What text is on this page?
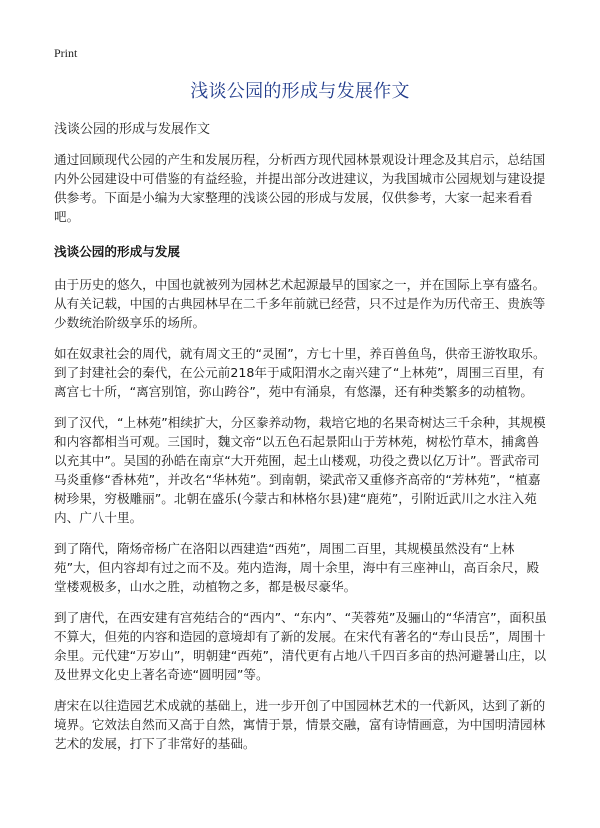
Print
浅谈公园的形成与发展作文
浅谈公园的形成与发展作文

通过回顾现代公园的产生和发展历程，分析西方现代园林景观设计理念及其启示，总结国内外公园建设中可借鉴的有益经验，并提出部分改进建议，为我国城市公园规划与建设提供参考。下面是小编为大家整理的浅谈公园的形成与发展，仅供参考，大家一起来看看吧。

浅谈公园的形成与发展

由于历史的悠久，中国也就被列为园林艺术起源最早的国家之一，并在国际上享有盛名。从有关记载，中国的古典园林早在二千多年前就已经营，只不过是作为历代帝王、贵族等少数统治阶级享乐的场所。

如在奴隶社会的周代，就有周文王的“灵囿”，方七十里，养百兽鱼鸟，供帝王游牧取乐。到了封建社会的秦代，在公元前218年于咸阳渭水之南兴建了“上林苑”，周围三百里，有离宫七十所，“离宫别馆，弥山跨谷”，苑中有涌泉，有悠瀑，还有种类繁多的动植物。

到了汉代，“上林苑”相续扩大，分区豢养动物，栽培它地的名果奇树达三千余种，其规模和内容都相当可观。三国时，魏文帝“以五色石起景阳山于芳林苑，树松竹草木，捕禽兽以充其中”。吴国的孙皓在南京“大开苑囿，起土山楼观，功役之费以亿万计”。晋武帝司马炎重修“香林苑”，并改名“华林苑”。到南朝，梁武帝又重修齐高帝的“芳林苑”，“植嘉树珍果，穷极雕丽”。北朝在盛乐(今蒙古和林格尔县)建“鹿苑”，引附近武川之水注入苑内、广八十里。

到了隋代，隋炀帝杨广在洛阳以西建造“西苑”，周围二百里，其规模虽然没有“上林苑”大，但内容却有过之而不及。苑内造海，周十余里，海中有三座神山，高百余尺，殿堂楼观极多，山水之胜，动植物之多，都是极尽豪华。

到了唐代，在西安建有宫苑结合的“西内”、“东内”、“芙蓉苑”及骊山的“华清宫”，面积虽不算大，但苑的内容和造园的意境却有了新的发展。在宋代有著名的“寿山艮岳”，周围十余里。元代建“万岁山”，明朝建“西苑”，清代更有占地八千四百多亩的热河避暑山庄，以及世界文化史上著名奇迹“圆明园”等。

唐宋在以往造园艺术成就的基础上，进一步开创了中国园林艺术的一代新风，达到了新的境界。它效法自然而又高于自然，寓情于景，情景交融，富有诗情画意，为中国明清园林艺术的发展，打下了非常好的基础。
